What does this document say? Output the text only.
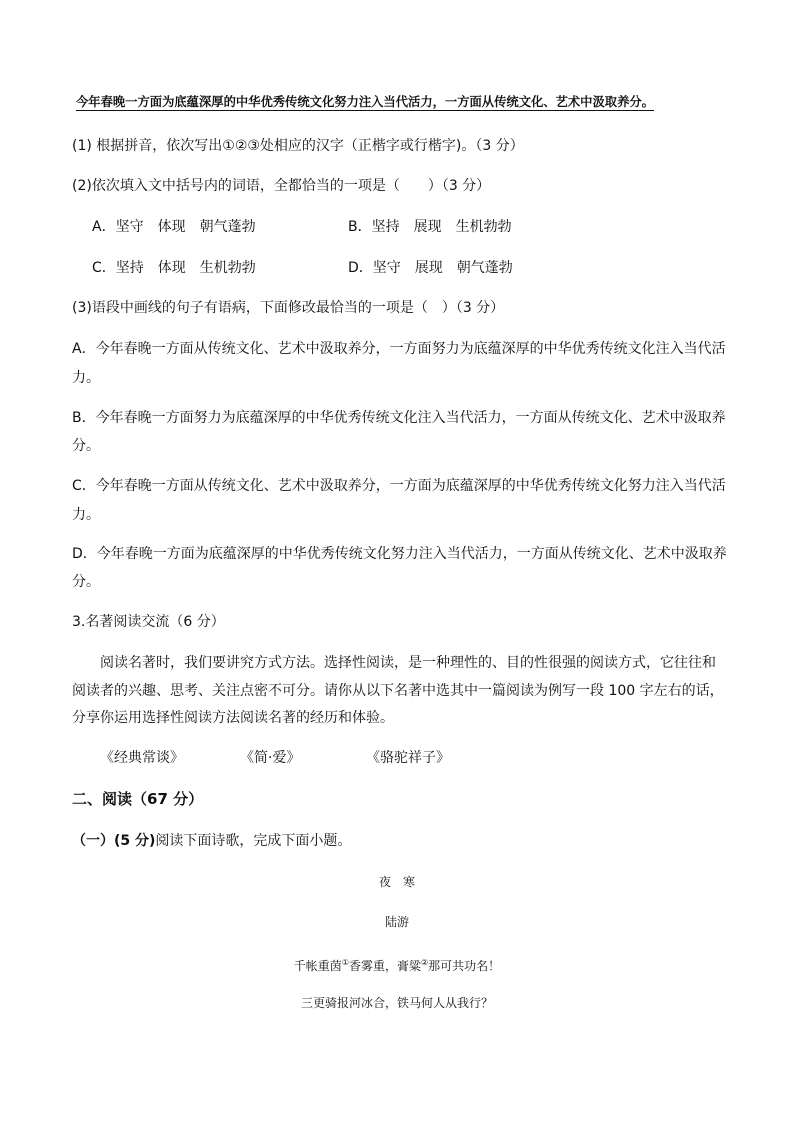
今年春晚一方面为底蕴深厚的中华优秀传统文化努力注入当代活力，一方面从传统文化、艺术中汲取养分。
(1) 根据拼音，依次写出①②③处相应的汉字（正楷字或行楷字)。（3 分）
(2)依次填入文中括号内的词语，全都恰当的一项是（　　）（3 分）
A．坚守　体现　朝气蓬勃	B．坚持　展现　生机勃勃
C．坚持　体现　生机勃勃	D．坚守　展现　朝气蓬勃
(3)语段中画线的句子有语病，下面修改最恰当的一项是（　）（3 分）
A．今年春晚一方面从传统文化、艺术中汲取养分，一方面努力为底蕴深厚的中华优秀传统文化注入当代活
力。
B．今年春晚一方面努力为底蕴深厚的中华优秀传统文化注入当代活力，一方面从传统文化、艺术中汲取养
分。
C．今年春晚一方面从传统文化、艺术中汲取养分，一方面为底蕴深厚的中华优秀传统文化努力注入当代活
力。
D．今年春晚一方面为底蕴深厚的中华优秀传统文化努力注入当代活力，一方面从传统文化、艺术中汲取养
分。
3.名著阅读交流（6 分）
阅读名著时，我们要讲究方式方法。选择性阅读，是一种理性的、目的性很强的阅读方式，它往往和
阅读者的兴趣、思考、关注点密不可分。请你从以下名著中选其中一篇阅读为例写一段 100 字左右的话，
分享你运用选择性阅读方法阅读名著的经历和体验。
《经典常谈》	《简·爱》	《骆驼祥子》
二、阅读（67 分）
（一）(5 分)阅读下面诗歌，完成下面小题。
夜　寒
陆游
千帐重茵①香雾重，膏粱②那可共功名！
三更骑报河冰合，铁马何人从我行？
